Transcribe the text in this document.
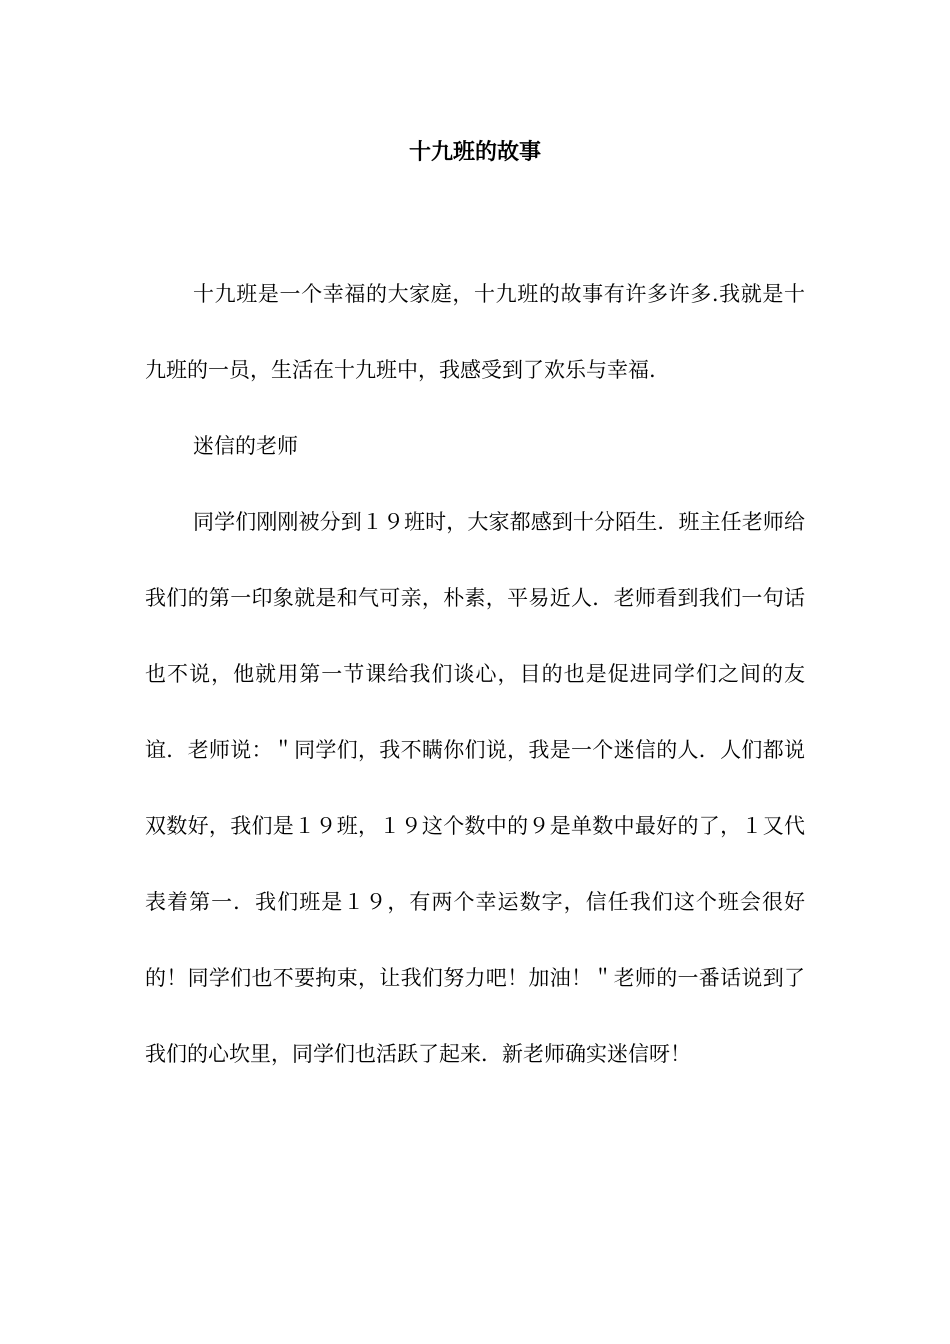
十九班的故事

十九班是一个幸福的大家庭，十九班的故事有许多许多.我就是十九班的一员，生活在十九班中，我感受到了欢乐与幸福.

迷信的老师

同学们刚刚被分到１９班时，大家都感到十分陌生．班主任老师给我们的第一印象就是和气可亲，朴素，平易近人．老师看到我们一句话也不说，他就用第一节课给我们谈心，目的也是促进同学们之间的友谊．老师说：＂同学们，我不瞒你们说，我是一个迷信的人．人们都说双数好，我们是１９班，１９这个数中的９是单数中最好的了，１又代表着第一．我们班是１９，有两个幸运数字，信任我们这个班会很好的！同学们也不要拘束，让我们努力吧！加油！＂老师的一番话说到了我们的心坎里，同学们也活跃了起来．新老师确实迷信呀！
